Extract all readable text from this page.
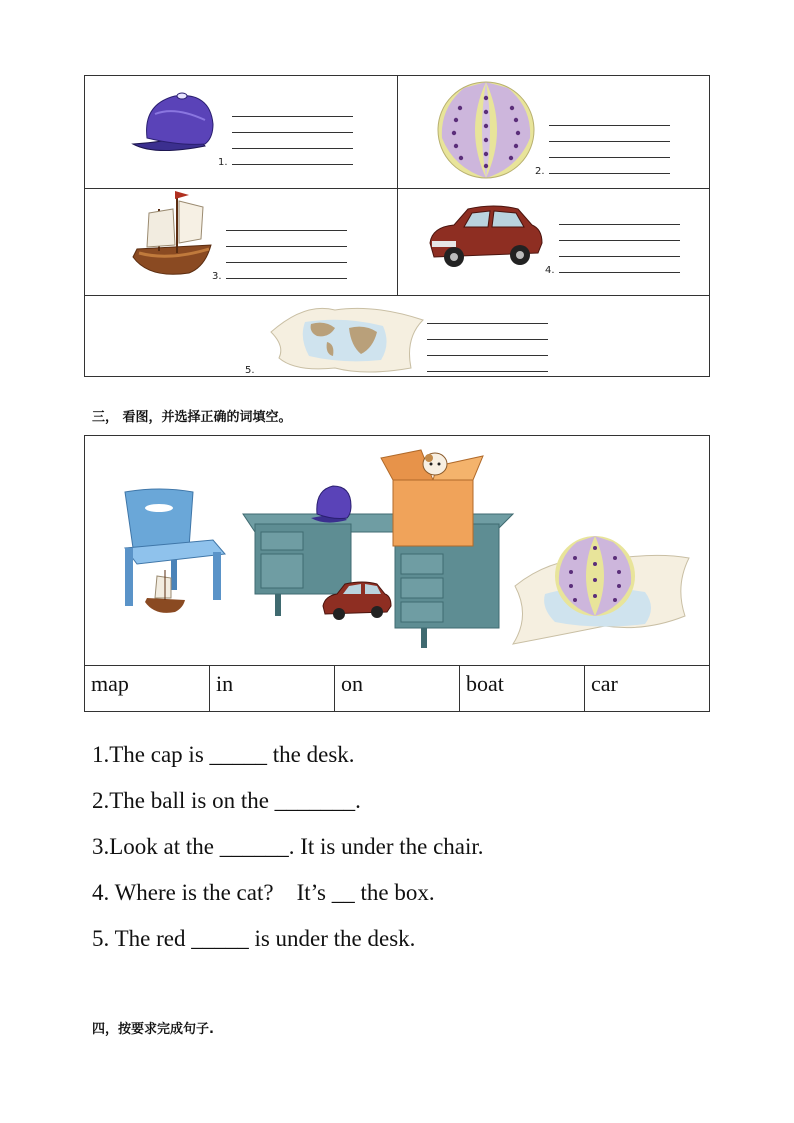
1.
2.
3.
4.
5.
三， 看图，并选择正确的词填空。
map	in	on	boat	car
1.The cap is _____ the desk.
2.The ball is on the _______.
3.Look at the ______. It is under the chair.
4. Where is the cat?    It’s __ the box.
5. The red _____ is under the desk.
四，按要求完成句子.
